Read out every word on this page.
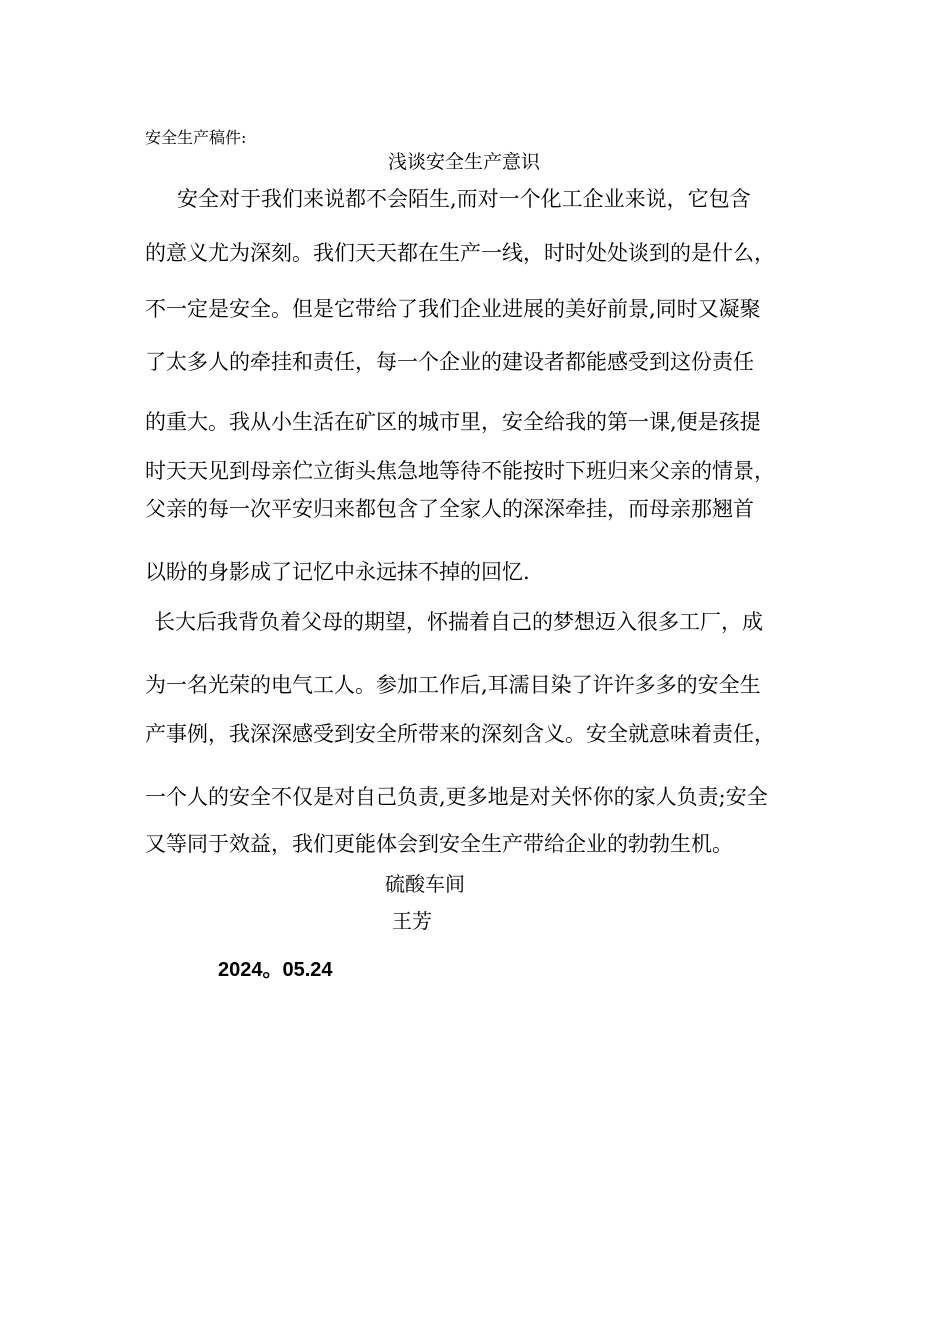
安全生产稿件:
浅谈安全生产意识
安全对于我们来说都不会陌生,而对一个化工企业来说，它包含
的意义尤为深刻。我们天天都在生产一线，时时处处谈到的是什么，
不一定是安全。但是它带给了我们企业进展的美好前景,同时又凝聚
了太多人的牵挂和责任，每一个企业的建设者都能感受到这份责任
的重大。我从小生活在矿区的城市里，安全给我的第一课,便是孩提
时天天见到母亲伫立街头焦急地等待不能按时下班归来父亲的情景，
父亲的每一次平安归来都包含了全家人的深深牵挂，而母亲那翘首
以盼的身影成了记忆中永远抹不掉的回忆.
长大后我背负着父母的期望，怀揣着自己的梦想迈入很多工厂，成
为一名光荣的电气工人。参加工作后,耳濡目染了许许多多的安全生
产事例，我深深感受到安全所带来的深刻含义。安全就意味着责任，
一个人的安全不仅是对自己负责,更多地是对关怀你的家人负责;安全
又等同于效益，我们更能体会到安全生产带给企业的勃勃生机。
硫酸车间
王芳
2024。05.24
